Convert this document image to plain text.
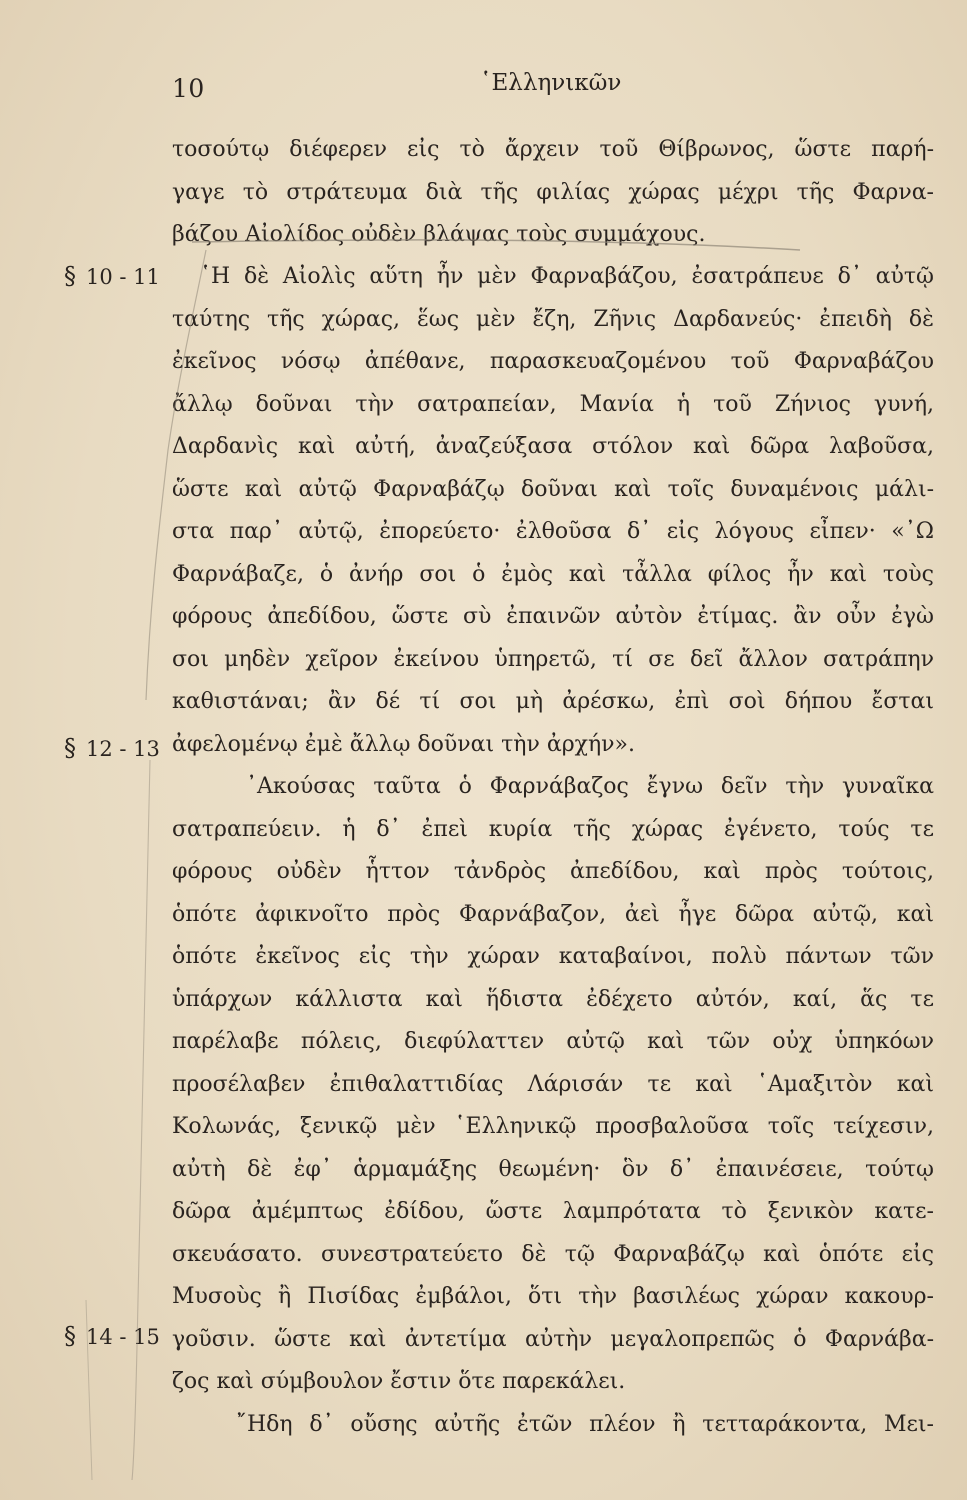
10	῾Ελληνικῶν
§ 10 - 11
§ 12 - 13
§ 14 - 15
τοσούτῳ διέφερεν εἰς τὸ ἄρχειν τοῦ Θίβρωνος, ὥστε παρή-
γαγε τὸ στράτευμα διὰ τῆς φιλίας χώρας μέχρι τῆς Φαρνα-
βάζου Αἰολίδος οὐδὲν βλάψας τοὺς συμμάχους.
῾Η δὲ Αἰολὶς αὕτη ἦν μὲν Φαρναβάζου, ἐσατράπευε δ᾽ αὐτῷ
ταύτης τῆς χώρας, ἕως μὲν ἔζη, Ζῆνις Δαρδανεύς· ἐπειδὴ δὲ
ἐκεῖνος νόσῳ ἀπέθανε, παρασκευαζομένου τοῦ Φαρναβάζου
ἄλλῳ δοῦναι τὴν σατραπείαν, Μανία ἡ τοῦ Ζήνιος γυνή,
Δαρδανὶς καὶ αὐτή, ἀναζεύξασα στόλον καὶ δῶρα λαβοῦσα,
ὥστε καὶ αὐτῷ Φαρναβάζῳ δοῦναι καὶ τοῖς δυναμένοις μάλι-
στα παρ᾽ αὐτῷ, ἐπορεύετο· ἐλθοῦσα δ᾽ εἰς λόγους εἶπεν· «᾿Ω
Φαρνάβαζε, ὁ ἀνήρ σοι ὁ ἐμὸς καὶ τἆλλα φίλος ἦν καὶ τοὺς
φόρους ἀπεδίδου, ὥστε σὺ ἐπαινῶν αὐτὸν ἐτίμας. ἂν οὖν ἐγὼ
σοι μηδὲν χεῖρον ἐκείνου ὑπηρετῶ, τί σε δεῖ ἄλλον σατράπην
καθιστάναι; ἂν δέ τί σοι μὴ ἀρέσκω, ἐπὶ σοὶ δήπου ἔσται
ἀφελομένῳ ἐμὲ ἄλλῳ δοῦναι τὴν ἀρχήν».
᾿Ακούσας ταῦτα ὁ Φαρνάβαζος ἔγνω δεῖν τὴν γυναῖκα
σατραπεύειν. ἡ δ᾽ ἐπεὶ κυρία τῆς χώρας ἐγένετο, τούς τε
φόρους οὐδὲν ἧττον τἀνδρὸς ἀπεδίδου, καὶ πρὸς τούτοις,
ὁπότε ἀφικνοῖτο πρὸς Φαρνάβαζον, ἀεὶ ἦγε δῶρα αὐτῷ, καὶ
ὁπότε ἐκεῖνος εἰς τὴν χώραν καταβαίνοι, πολὺ πάντων τῶν
ὑπάρχων κάλλιστα καὶ ἥδιστα ἐδέχετο αὐτόν, καί, ἅς τε
παρέλαβε πόλεις, διεφύλαττεν αὐτῷ καὶ τῶν οὐχ ὑπηκόων
προσέλαβεν ἐπιθαλαττιδίας Λάρισάν τε καὶ ῾Αμαξιτὸν καὶ
Κολωνάς, ξενικῷ μὲν ῾Ελληνικῷ προσβαλοῦσα τοῖς τείχεσιν,
αὐτὴ δὲ ἐφ᾽ ἁρμαμάξης θεωμένη· ὃν δ᾽ ἐπαινέσειε, τούτῳ
δῶρα ἀμέμπτως ἐδίδου, ὥστε λαμπρότατα τὸ ξενικὸν κατε-
σκευάσατο. συνεστρατεύετο δὲ τῷ Φαρναβάζῳ καὶ ὁπότε εἰς
Μυσοὺς ἢ Πισίδας ἐμβάλοι, ὅτι τὴν βασιλέως χώραν κακουρ-
γοῦσιν. ὥστε καὶ ἀντετίμα αὐτὴν μεγαλοπρεπῶς ὁ Φαρνάβα-
ζος καὶ σύμβουλον ἔστιν ὅτε παρεκάλει.
῎Ηδη δ᾽ οὔσης αὐτῆς ἐτῶν πλέον ἢ τετταράκοντα, Μει-
